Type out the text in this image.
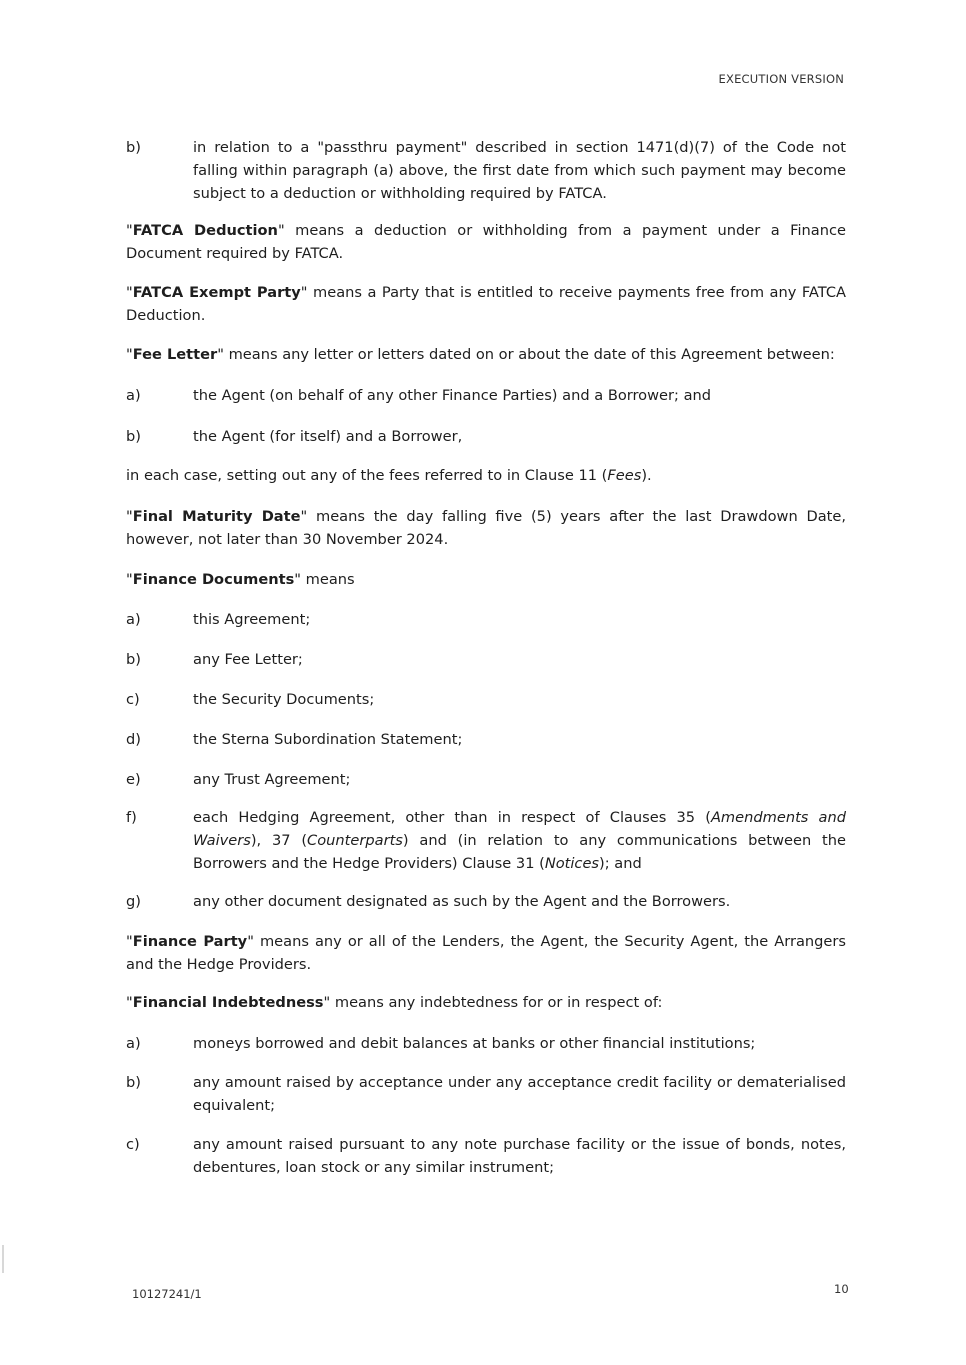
EXECUTION VERSION
b)	in relation to a "passthru payment" described in section 1471(d)(7) of the Code not falling within paragraph (a) above, the first date from which such payment may become subject to a deduction or withholding required by FATCA.
"FATCA Deduction" means a deduction or withholding from a payment under a Finance Document required by FATCA.
"FATCA Exempt Party" means a Party that is entitled to receive payments free from any FATCA Deduction.
"Fee Letter" means any letter or letters dated on or about the date of this Agreement between:
a)	the Agent (on behalf of any other Finance Parties) and a Borrower; and
b)	the Agent (for itself) and a Borrower,
in each case, setting out any of the fees referred to in Clause 11 (Fees).
"Final Maturity Date" means the day falling five (5) years after the last Drawdown Date, however, not later than 30 November 2024.
"Finance Documents" means
a)	this Agreement;
b)	any Fee Letter;
c)	the Security Documents;
d)	the Sterna Subordination Statement;
e)	any Trust Agreement;
f)	each Hedging Agreement, other than in respect of Clauses 35 (Amendments and Waivers), 37 (Counterparts) and (in relation to any communications between the Borrowers and the Hedge Providers) Clause 31 (Notices); and
g)	any other document designated as such by the Agent and the Borrowers.
"Finance Party" means any or all of the Lenders, the Agent, the Security Agent, the Arrangers and the Hedge Providers.
"Financial Indebtedness" means any indebtedness for or in respect of:
a)	moneys borrowed and debit balances at banks or other financial institutions;
b)	any amount raised by acceptance under any acceptance credit facility or dematerialised equivalent;
c)	any amount raised pursuant to any note purchase facility or the issue of bonds, notes, debentures, loan stock or any similar instrument;
10127241/1	10
